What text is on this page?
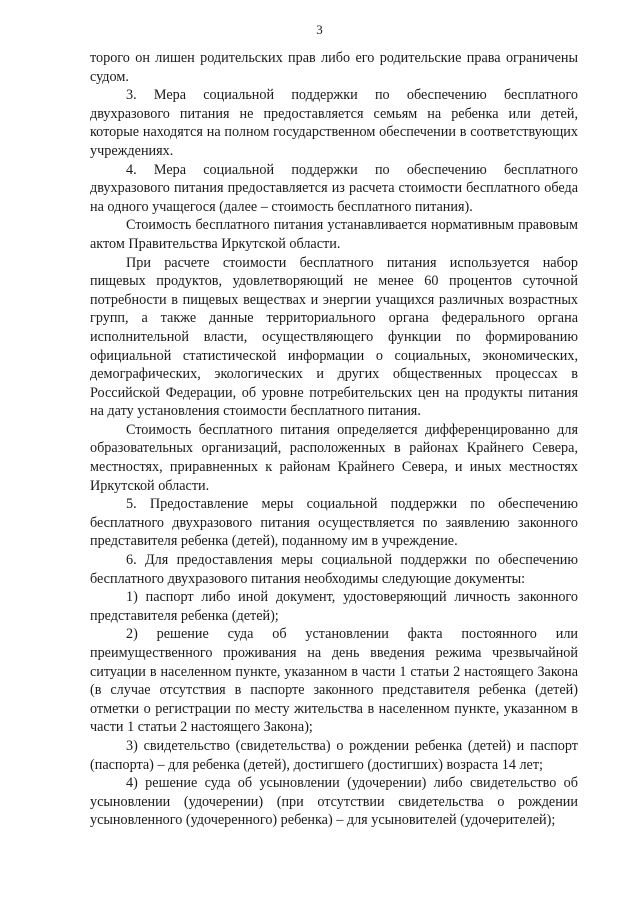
3

торого он лишен родительских прав либо его родительские права ограничены судом.

3. Мера социальной поддержки по обеспечению бесплатного двухразового питания не предоставляется семьям на ребенка или детей, которые находятся на полном государственном обеспечении в соответствующих учреждениях.

4. Мера социальной поддержки по обеспечению бесплатного двухразового питания предоставляется из расчета стоимости бесплатного обеда на одного учащегося (далее – стоимость бесплатного питания).

Стоимость бесплатного питания устанавливается нормативным правовым актом Правительства Иркутской области.

При расчете стоимости бесплатного питания используется набор пищевых продуктов, удовлетворяющий не менее 60 процентов суточной потребности в пищевых веществах и энергии учащихся различных возрастных групп, а также данные территориального органа федерального органа исполнительной власти, осуществляющего функции по формированию официальной статистической информации о социальных, экономических, демографических, экологических и других общественных процессах в Российской Федерации, об уровне потребительских цен на продукты питания на дату установления стоимости бесплатного питания.

Стоимость бесплатного питания определяется дифференцированно для образовательных организаций, расположенных в районах Крайнего Севера, местностях, приравненных к районам Крайнего Севера, и иных местностях Иркутской области.

5. Предоставление меры социальной поддержки по обеспечению бесплатного двухразового питания осуществляется по заявлению законного представителя ребенка (детей), поданному им в учреждение.

6. Для предоставления меры социальной поддержки по обеспечению бесплатного двухразового питания необходимы следующие документы:

1) паспорт либо иной документ, удостоверяющий личность законного представителя ребенка (детей);

2) решение суда об установлении факта постоянного или преимущественного проживания на день введения режима чрезвычайной ситуации в населенном пункте, указанном в части 1 статьи 2 настоящего Закона (в случае отсутствия в паспорте законного представителя ребенка (детей) отметки о регистрации по месту жительства в населенном пункте, указанном в части 1 статьи 2 настоящего Закона);

3) свидетельство (свидетельства) о рождении ребенка (детей) и паспорт (паспорта) – для ребенка (детей), достигшего (достигших) возраста 14 лет;

4) решение суда об усыновлении (удочерении) либо свидетельство об усыновлении (удочерении) (при отсутствии свидетельства о рождении усыновленного (удочеренного) ребенка) – для усыновителей (удочерителей);
